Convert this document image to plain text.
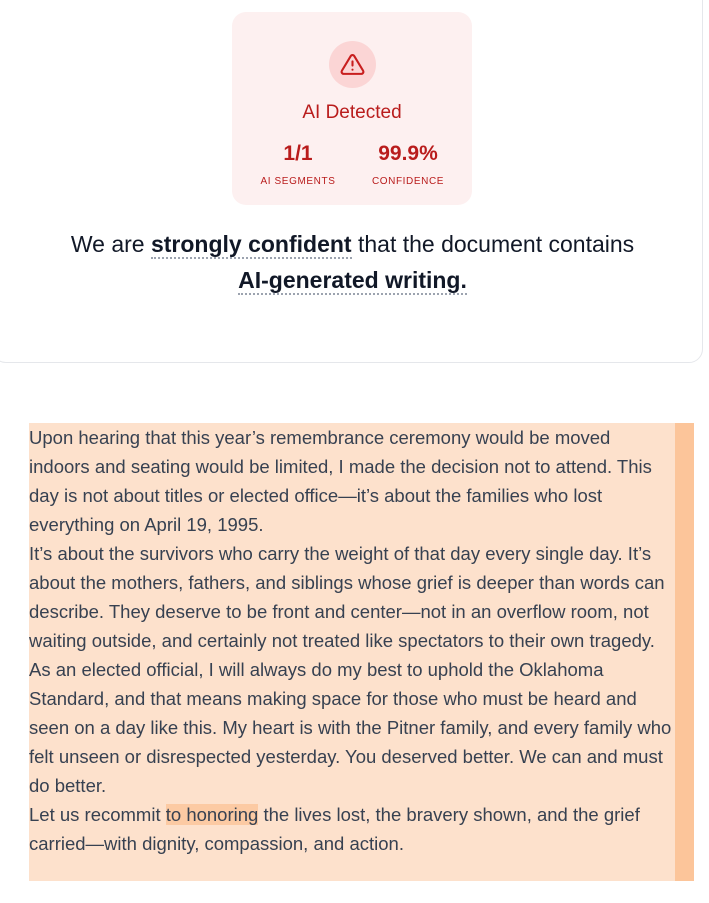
AI Detected
1/1
AI SEGMENTS
99.9%
CONFIDENCE
We are strongly confident that the document contains
AI-generated writing.

Upon hearing that this year’s remembrance ceremony would be moved indoors and seating would be limited, I made the decision not to attend. This day is not about titles or elected office—it’s about the families who lost everything on April 19, 1995.

It’s about the survivors who carry the weight of that day every single day. It’s about the mothers, fathers, and siblings whose grief is deeper than words can describe. They deserve to be front and center—not in an overflow room, not waiting outside, and certainly not treated like spectators to their own tragedy.

As an elected official, I will always do my best to uphold the Oklahoma Standard, and that means making space for those who must be heard and seen on a day like this. My heart is with the Pitner family, and every family who felt unseen or disrespected yesterday. You deserved better. We can and must do better.

Let us recommit to honoring the lives lost, the bravery shown, and the grief carried—with dignity, compassion, and action.
